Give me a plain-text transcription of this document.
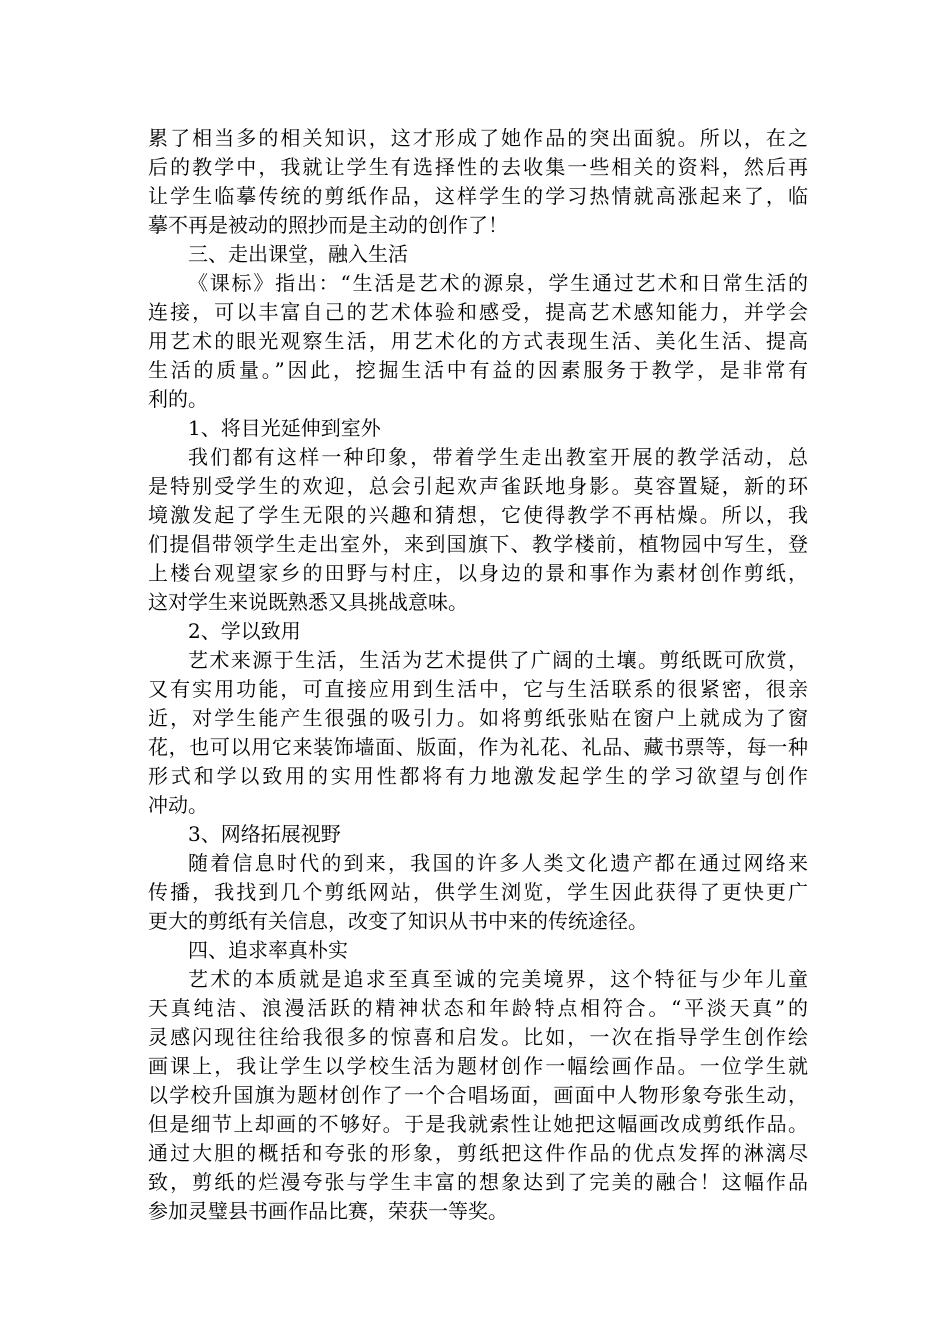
累了相当多的相关知识，这才形成了她作品的突出面貌。所以，在之
后的教学中，我就让学生有选择性的去收集一些相关的资料，然后再
让学生临摹传统的剪纸作品，这样学生的学习热情就高涨起来了，临
摹不再是被动的照抄而是主动的创作了！
三、走出课堂，融入生活
《课标》指出：“生活是艺术的源泉，学生通过艺术和日常生活的
连接，可以丰富自己的艺术体验和感受，提高艺术感知能力，并学会
用艺术的眼光观察生活，用艺术化的方式表现生活、美化生活、提高
生活的质量。”因此，挖掘生活中有益的因素服务于教学，是非常有
利的。
1、将目光延伸到室外
我们都有这样一种印象，带着学生走出教室开展的教学活动，总
是特别受学生的欢迎，总会引起欢声雀跃地身影。莫容置疑，新的环
境激发起了学生无限的兴趣和猜想，它使得教学不再枯燥。所以，我
们提倡带领学生走出室外，来到国旗下、教学楼前，植物园中写生，登
上楼台观望家乡的田野与村庄，以身边的景和事作为素材创作剪纸，
这对学生来说既熟悉又具挑战意味。
2、学以致用
艺术来源于生活，生活为艺术提供了广阔的土壤。剪纸既可欣赏，
又有实用功能，可直接应用到生活中，它与生活联系的很紧密，很亲
近，对学生能产生很强的吸引力。如将剪纸张贴在窗户上就成为了窗
花，也可以用它来装饰墙面、版面，作为礼花、礼品、藏书票等，每一种
形式和学以致用的实用性都将有力地激发起学生的学习欲望与创作
冲动。
3、网络拓展视野
随着信息时代的到来，我国的许多人类文化遗产都在通过网络来
传播，我找到几个剪纸网站，供学生浏览，学生因此获得了更快更广
更大的剪纸有关信息，改变了知识从书中来的传统途径。
四、追求率真朴实
艺术的本质就是追求至真至诚的完美境界，这个特征与少年儿童
天真纯洁、浪漫活跃的精神状态和年龄特点相符合。“平淡天真”的
灵感闪现往往给我很多的惊喜和启发。比如，一次在指导学生创作绘
画课上，我让学生以学校生活为题材创作一幅绘画作品。一位学生就
以学校升国旗为题材创作了一个合唱场面，画面中人物形象夸张生动，
但是细节上却画的不够好。于是我就索性让她把这幅画改成剪纸作品。
通过大胆的概括和夸张的形象，剪纸把这件作品的优点发挥的淋漓尽
致，剪纸的烂漫夸张与学生丰富的想象达到了完美的融合！这幅作品
参加灵璧县书画作品比赛，荣获一等奖。
